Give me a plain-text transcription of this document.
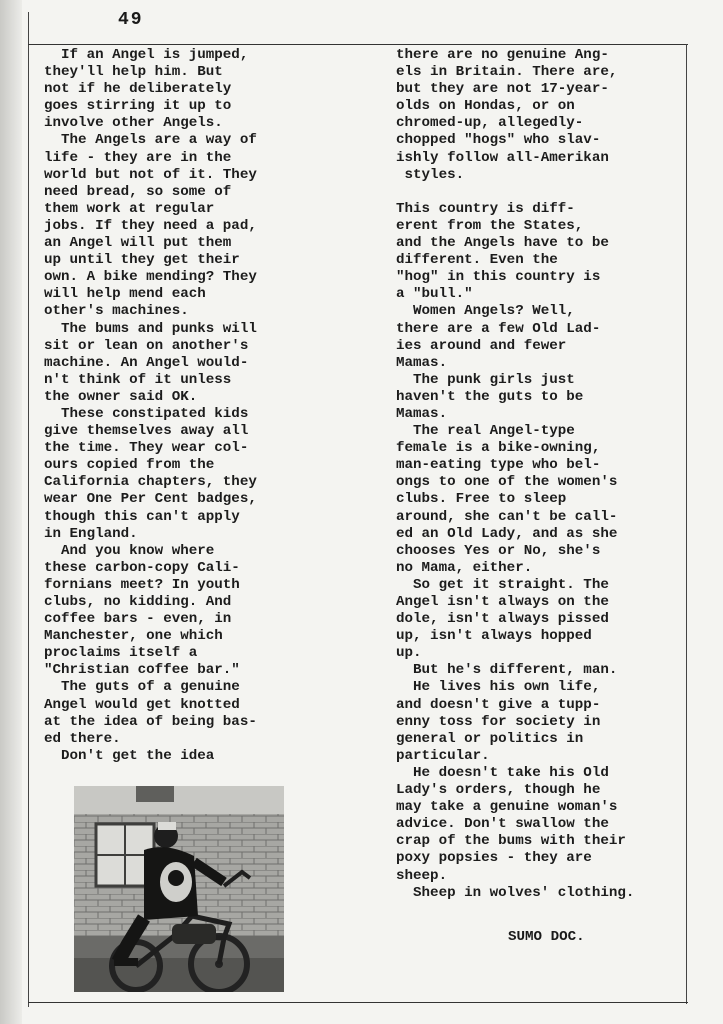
49
If an Angel is jumped,
they'll help him. But
not if he deliberately
goes stirring it up to
involve other Angels.
The Angels are a way of
life - they are in the
world but not of it. They
need bread, so some of
them work at regular
jobs. If they need a pad,
an Angel will put them
up until they get their
own. A bike mending? They
will help mend each
other's machines.
The bums and punks will
sit or lean on another's
machine. An Angel would-
n't think of it unless
the owner said OK.
These constipated kids
give themselves away all
the time. They wear col-
ours copied from the
California chapters, they
wear One Per Cent badges,
though this can't apply
in England.
And you know where
these carbon-copy Cali-
fornians meet? In youth
clubs, no kidding. And
coffee bars - even, in
Manchester, one which
proclaims itself a
"Christian coffee bar."
The guts of a genuine
Angel would get knotted
at the idea of being bas-
ed there.
Don't get the idea
there are no genuine Ang-
els in Britain. There are,
but they are not 17-year-
olds on Hondas, or on
chromed-up, allegedly-
chopped "hogs" who slav-
ishly follow all-Amerikan
styles.

This country is diff-
erent from the States,
and the Angels have to be
different. Even the
"hog" in this country is
a "bull."
Women Angels? Well,
there are a few Old Lad-
ies around and fewer
Mamas.
The punk girls just
haven't the guts to be
Mamas.
The real Angel-type
female is a bike-owning,
man-eating type who bel-
ongs to one of the women's
clubs. Free to sleep
around, she can't be call-
ed an Old Lady, and as she
chooses Yes or No, she's
no Mama, either.
So get it straight. The
Angel isn't always on the
dole, isn't always pissed
up, isn't always hopped
up.
But he's different, man.
He lives his own life,
and doesn't give a tupp-
enny toss for society in
general or politics in
particular.
He doesn't take his Old
Lady's orders, though he
may take a genuine woman's
advice. Don't swallow the
crap of the bums with their
poxy popsies - they are
sheep.
Sheep in wolves' clothing.
SUMO DOC.
